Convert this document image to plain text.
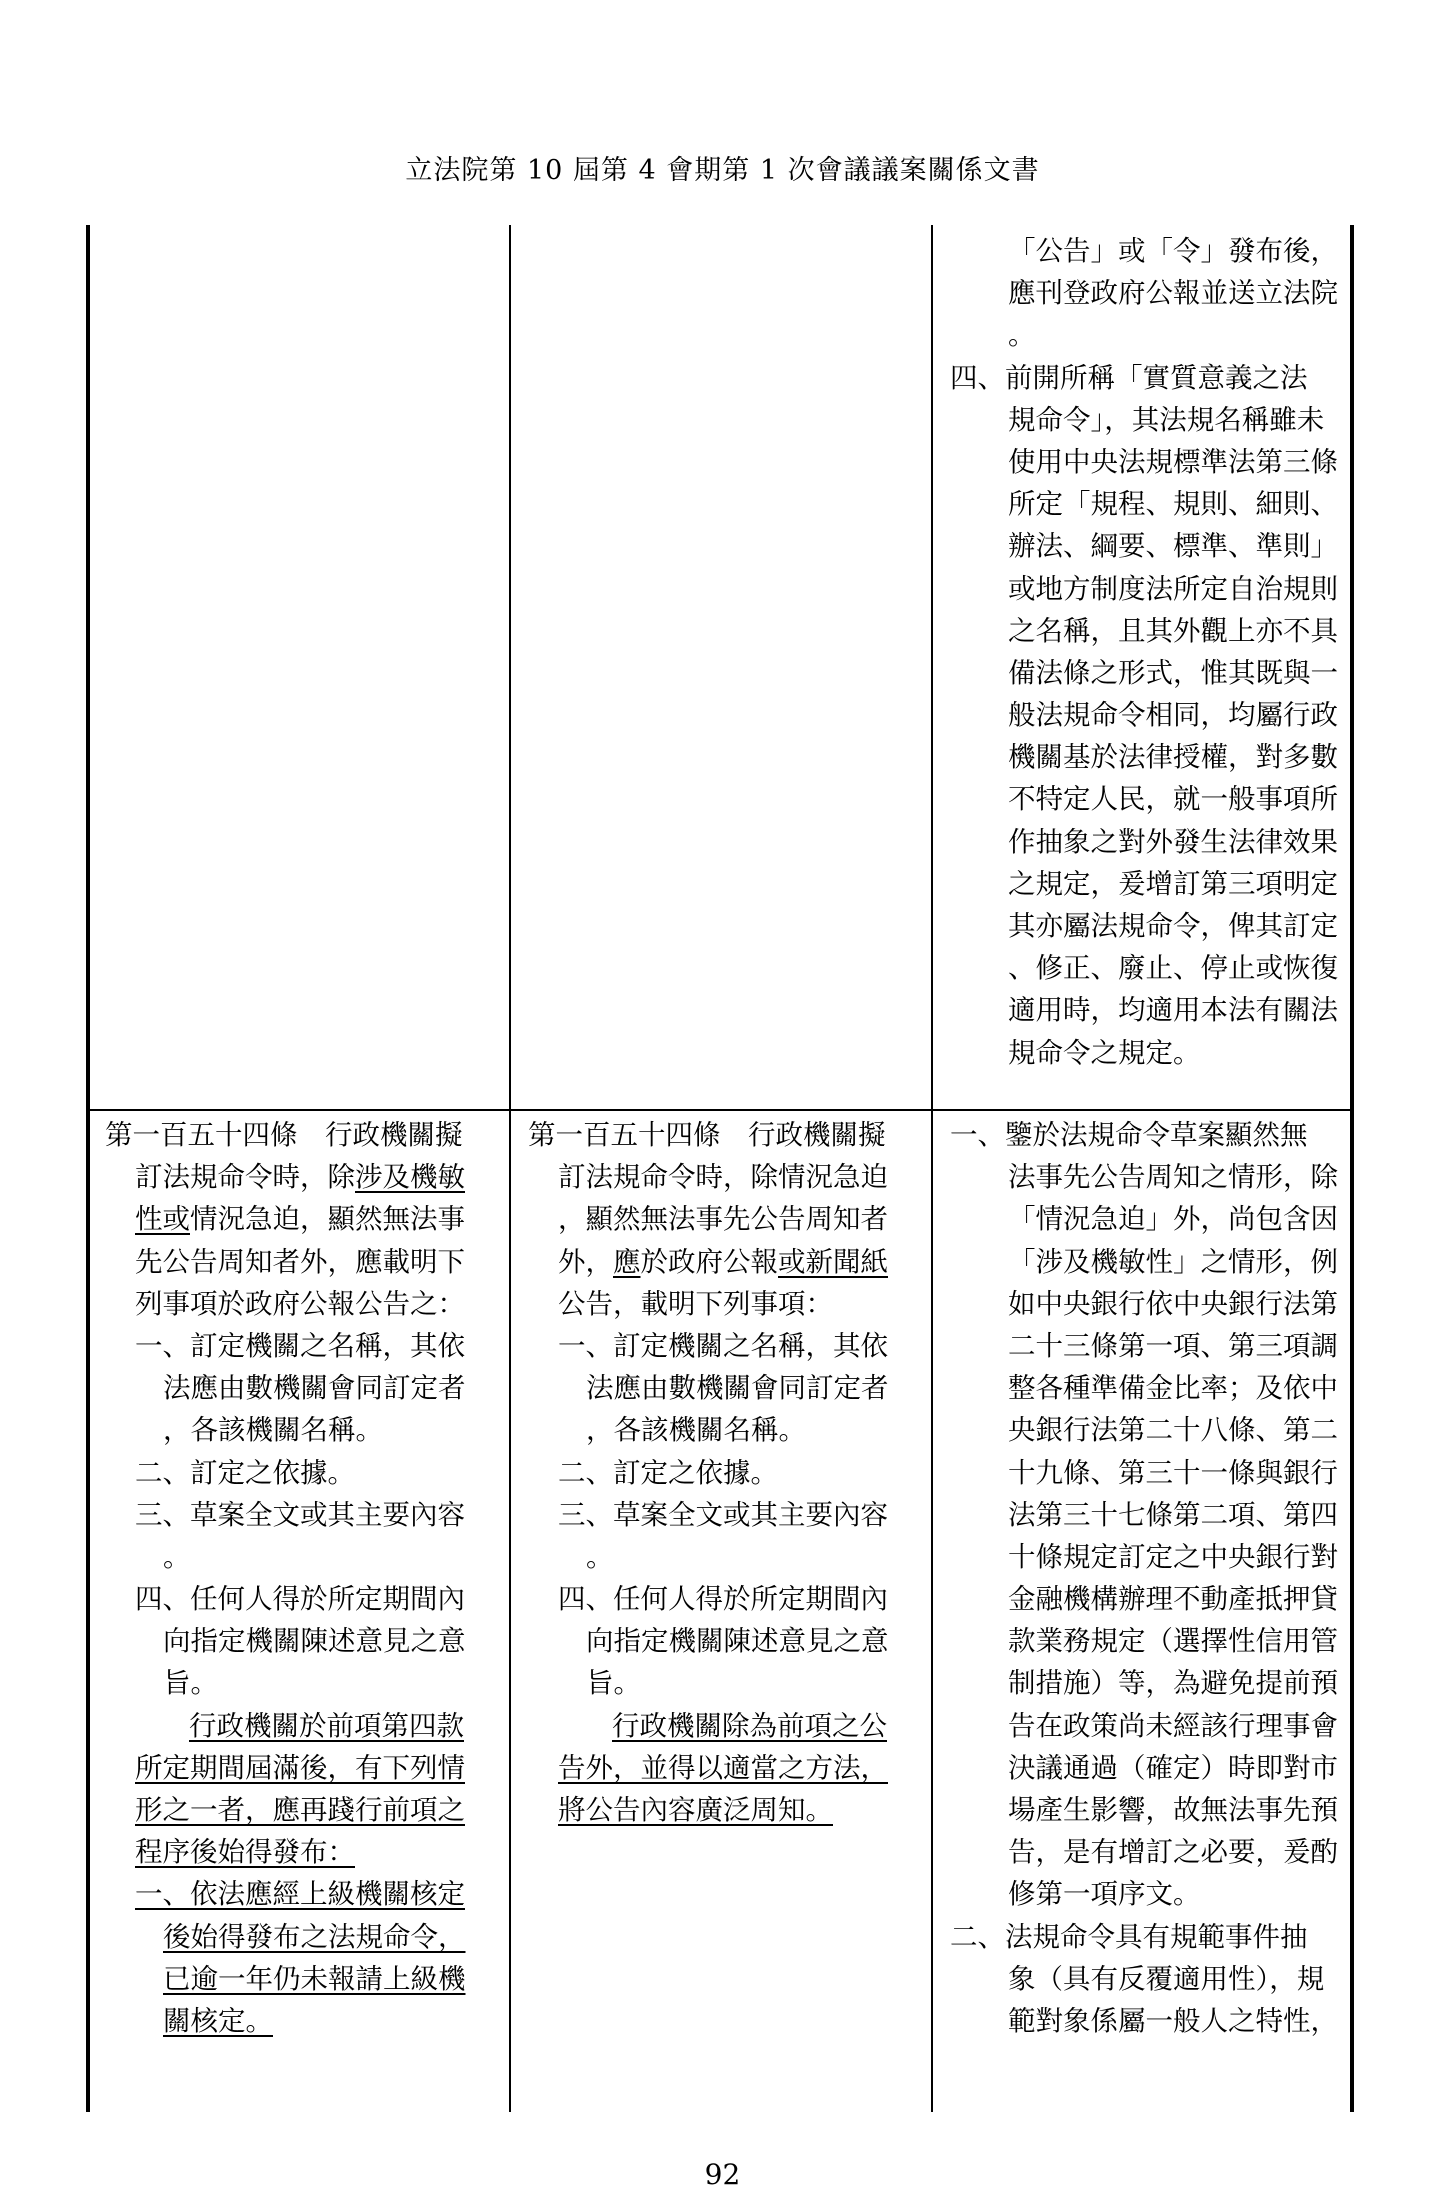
立法院第 10 屆第 4 會期第 1 次會議議案關係文書
「公告」或「令」發布後，
應刊登政府公報並送立法院
。
四、前開所稱「實質意義之法
規命令」，其法規名稱雖未
使用中央法規標準法第三條
所定「規程、規則、細則、
辦法、綱要、標準、準則」
或地方制度法所定自治規則
之名稱，且其外觀上亦不具
備法條之形式，惟其既與一
般法規命令相同，均屬行政
機關基於法律授權，對多數
不特定人民，就一般事項所
作抽象之對外發生法律效果
之規定，爰增訂第三項明定
其亦屬法規命令，俾其訂定
、修正、廢止、停止或恢復
適用時，均適用本法有關法
規命令之規定。
第一百五十四條　行政機關擬
訂法規命令時，除涉及機敏
性或情況急迫，顯然無法事
先公告周知者外，應載明下
列事項於政府公報公告之：
一、訂定機關之名稱，其依
法應由數機關會同訂定者
，各該機關名稱。
二、訂定之依據。
三、草案全文或其主要內容
。
四、任何人得於所定期間內
向指定機關陳述意見之意
旨。
行政機關於前項第四款
所定期間屆滿後，有下列情
形之一者，應再踐行前項之
程序後始得發布：
一、依法應經上級機關核定
後始得發布之法規命令，
已逾一年仍未報請上級機
關核定。
第一百五十四條　行政機關擬
訂法規命令時，除情況急迫
，顯然無法事先公告周知者
外，應於政府公報或新聞紙
公告，載明下列事項：
一、訂定機關之名稱，其依
法應由數機關會同訂定者
，各該機關名稱。
二、訂定之依據。
三、草案全文或其主要內容
。
四、任何人得於所定期間內
向指定機關陳述意見之意
旨。
行政機關除為前項之公
告外，並得以適當之方法，
將公告內容廣泛周知。
一、鑒於法規命令草案顯然無
法事先公告周知之情形，除
「情況急迫」外，尚包含因
「涉及機敏性」之情形，例
如中央銀行依中央銀行法第
二十三條第一項、第三項調
整各種準備金比率；及依中
央銀行法第二十八條、第二
十九條、第三十一條與銀行
法第三十七條第二項、第四
十條規定訂定之中央銀行對
金融機構辦理不動產抵押貸
款業務規定（選擇性信用管
制措施）等，為避免提前預
告在政策尚未經該行理事會
決議通過（確定）時即對市
場產生影響，故無法事先預
告，是有增訂之必要，爰酌
修第一項序文。
二、法規命令具有規範事件抽
象（具有反覆適用性），規
範對象係屬一般人之特性，
92
